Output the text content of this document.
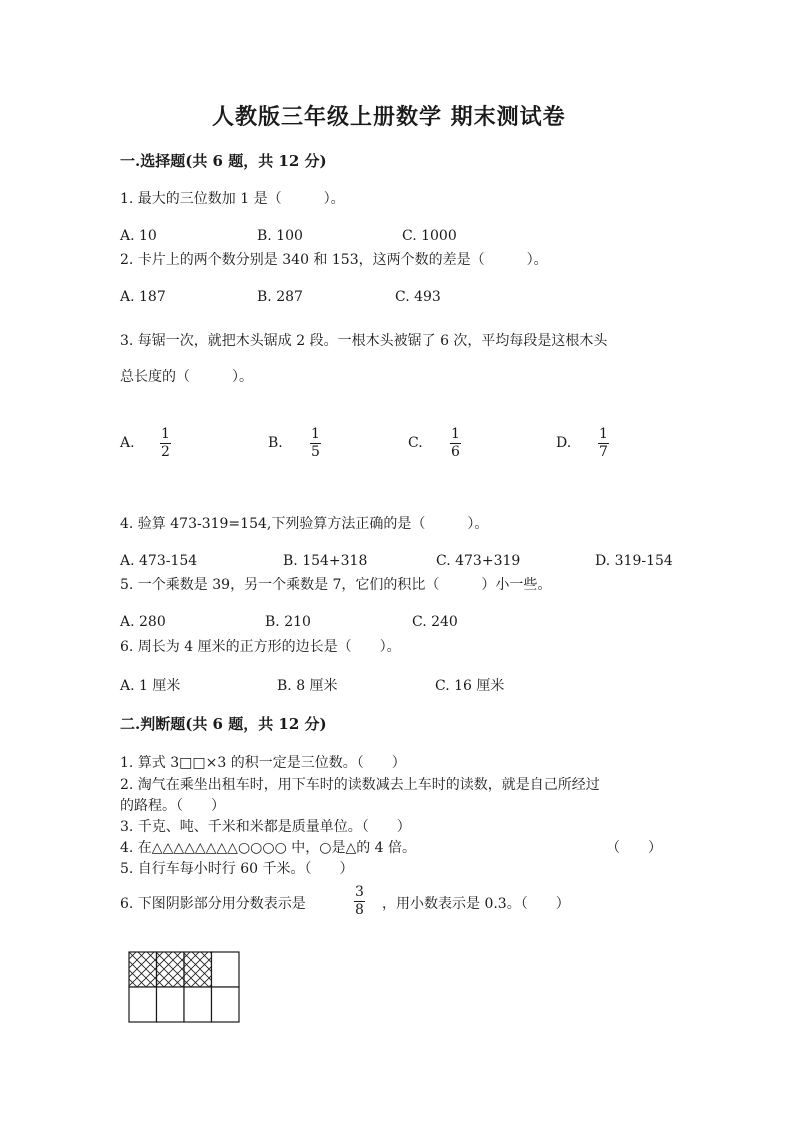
人教版三年级上册数学 期末测试卷
一.选择题(共 6 题，共 12 分)
1. 最大的三位数加 1 是（　　　）。
A. 10	B. 100	C. 1000
2. 卡片上的两个数分别是 340 和 153，这两个数的差是（　　　）。
A. 187	B. 287	C. 493
3. 每锯一次，就把木头锯成 2 段。一根木头被锯了 6 次，平均每段是这根木头
总长度的（　　　）。
A.
1
2
B.
1
5
C.
1
6
D.
1
7
4. 验算 473-319=154,下列验算方法正确的是（　　　）。
A. 473-154	B. 154+318	C. 473+319	D. 319-154
5. 一个乘数是 39，另一个乘数是 7，它们的积比（　　　）小一些。
A. 280	B. 210	C. 240
6. 周长为 4 厘米的正方形的边长是（　　）。
A. 1 厘米	B. 8 厘米	C. 16 厘米
二.判断题(共 6 题，共 12 分)
1. 算式 3□□×3 的积一定是三位数。（　　）
2. 淘气在乘坐出租车时，用下车时的读数减去上车时的读数，就是自己所经过
的路程。（　　）
3. 千克、吨、千米和米都是质量单位。（　　）
4. 在△△△△△△△△○○○○ 中，○是△的 4 倍。	（　　）
5. 自行车每小时行 60 千米。（　　）
6. 下图阴影部分用分数表示是
3
8 ，用小数表示是 0.3。（　　）
